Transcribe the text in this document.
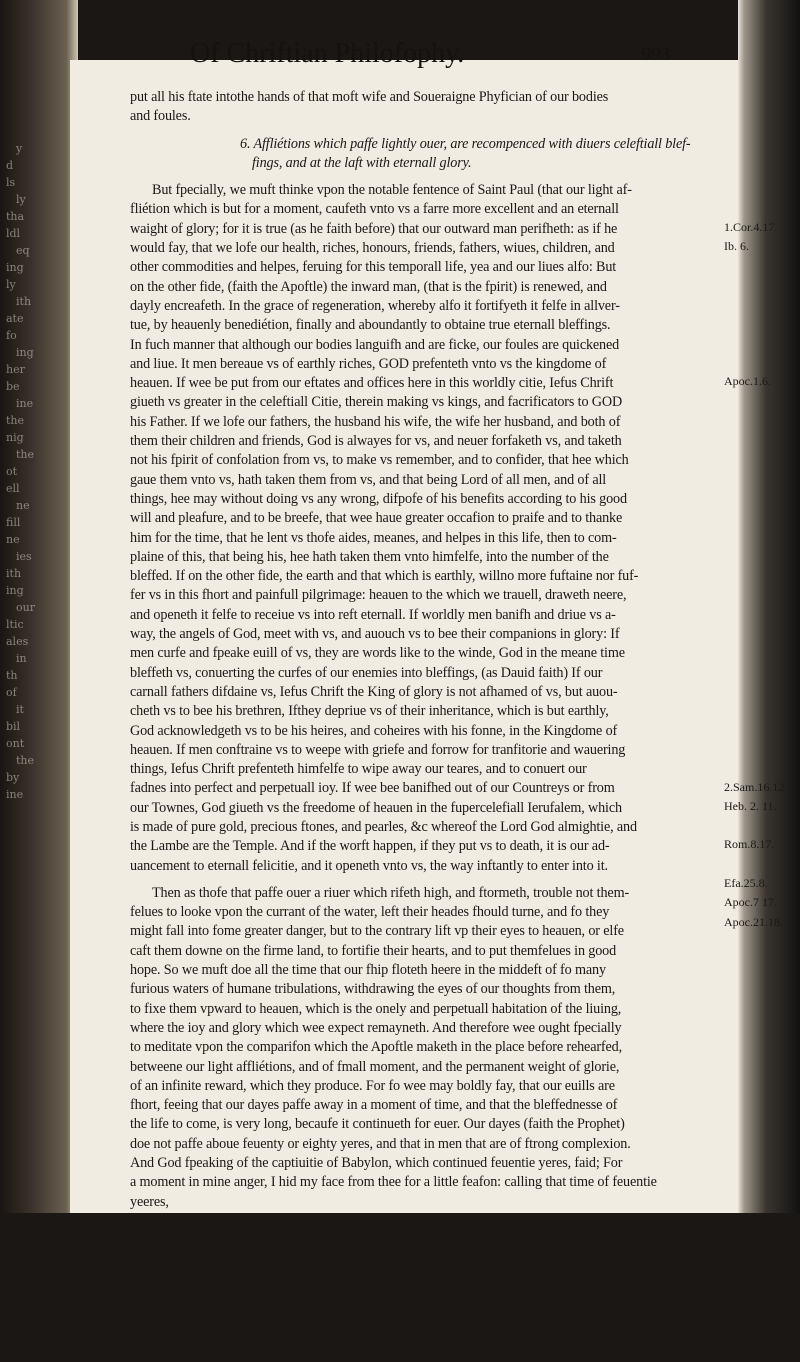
y
d
ls
ly
tha
ldl
eq
ing
ly
ith
ate
fo
ing
her
be
ine
the
nig
the
ot
ell
ne
fill
ne
ies
ith
ing
our
ltic
ales
in
th
of
it
bil
ont
the
by
ine
Of Chriftian Philofophy.	993
put all his ftate intothe hands of that moft wife and Soueraigne Phyfician of our bodies
and foules.
6. Affliétions which paffe lightly ouer, are recompenced with diuers celeftiall blef-
fings, and at the laft with eternall glory.
But fpecially, we muft thinke vpon the notable fentence of Saint Paul (that our light af-
fliétion which is but for a moment, caufeth vnto vs a farre more excellent and an eternall
waight of glory; for it is true (as he faith before) that our outward man perifheth: as if he
would fay, that we lofe our health, riches, honours, friends, fathers, wiues, children, and
other commodities and helpes, feruing for this temporall life, yea and our liues alfo: But
on the other fide, (faith the Apoftle) the inward man, (that is the fpirit) is renewed, and
dayly encreafeth. In the grace of regeneration, whereby alfo it fortifyeth it felfe in allver-
tue, by heauenly benediétion, finally and aboundantly to obtaine true eternall bleffings.
In fuch manner that although our bodies languifh and are ficke, our foules are quickened
and liue. It men bereaue vs of earthly riches, GOD prefenteth vnto vs the kingdome of
heauen. If wee be put from our eftates and offices here in this worldly citie, Iefus Chrift
giueth vs greater in the celeftiall Citie, therein making vs kings, and facrificators to GOD
his Father. If we lofe our fathers, the husband his wife, the wife her husband, and both of
them their children and friends, God is alwayes for vs, and neuer forfaketh vs, and taketh
not his fpirit of confolation from vs, to make vs remember, and to confider, that hee which
gaue them vnto vs, hath taken them from vs, and that being Lord of all men, and of all
things, hee may without doing vs any wrong, difpofe of his benefits according to his good
will and pleafure, and to be breefe, that wee haue greater occafion to praife and to thanke
him for the time, that he lent vs thofe aides, meanes, and helpes in this life, then to com-
plaine of this, that being his, hee hath taken them vnto himfelfe, into the number of the
bleffed. If on the other fide, the earth and that which is earthly, willno more fuftaine nor fuf-
fer vs in this fhort and painfull pilgrimage: heauen to the which we trauell, draweth neere,
and openeth it felfe to receiue vs into reft eternall. If worldly men banifh and driue vs a-
way, the angels of God, meet with vs, and auouch vs to bee their companions in glory: If
men curfe and fpeake euill of vs, they are words like to the winde, God in the meane time
bleffeth vs, conuerting the curfes of our enemies into bleffings, (as Dauid faith) If our
carnall fathers difdaine vs, Iefus Chrift the King of glory is not afhamed of vs, but auou-
cheth vs to bee his brethren, Ifthey depriue vs of their inheritance, which is but earthly,
God acknowledgeth vs to be his heires, and coheires with his fonne, in the Kingdome of
heauen. If men conftraine vs to weepe with griefe and forrow for tranfitorie and wauering
things, Iefus Chrift prefenteth himfelfe to wipe away our teares, and to conuert our
fadnes into perfect and perpetuall ioy. If wee bee banifhed out of our Countreys or from
our Townes, God giueth vs the freedome of heauen in the fupercelefiall Ierufalem, which
is made of pure gold, precious ftones, and pearles, &c whereof the Lord God almightie, and
the Lambe are the Temple. And if the worft happen, if they put vs to death, it is our ad-
uancement to eternall felicitie, and it openeth vnto vs, the way inftantly to enter into it.
Then as thofe that paffe ouer a riuer which rifeth high, and ftormeth, trouble not them-
felues to looke vpon the currant of the water, left their heades fhould turne, and fo they
might fall into fome greater danger, but to the contrary lift vp their eyes to heauen, or elfe
caft them downe on the firme land, to fortifie their hearts, and to put themfelues in good
hope. So we muft doe all the time that our fhip floteth heere in the middeft of fo many
furious waters of humane tribulations, withdrawing the eyes of our thoughts from them,
to fixe them vpward to heauen, which is the onely and perpetuall habitation of the liuing,
where the ioy and glory which wee expect remayneth. And therefore wee ought fpecially
to meditate vpon the comparifon which the Apoftle maketh in the place before rehearfed,
betweene our light affliétions, and of fmall moment, and the permanent weight of glorie,
of an infinite reward, which they produce. For fo wee may boldly fay, that our euills are
fhort, feeing that our dayes paffe away in a moment of time, and that the bleffednesse of
the life to come, is very long, becaufe it continueth for euer. Our dayes (faith the Prophet)
doe not paffe aboue feuenty or eighty yeres, and that in men that are of ftrong complexion.
And God fpeaking of the captiuitie of Babylon, which continued feuentie yeres, faid; For
a moment in mine anger, I hid my face from thee for a little feafon: calling that time of feuentie
yeeres,
1.Cor.4.17.
Ib. 6.
Apoc.1.6.
2.Sam.16.12
Heb. 2. 11.
Rom.8.17.
Efa.25.8.
Apoc.7 17.
Apoc.21.18.
Pfal.90. 10.
Efa. 54. 8.
